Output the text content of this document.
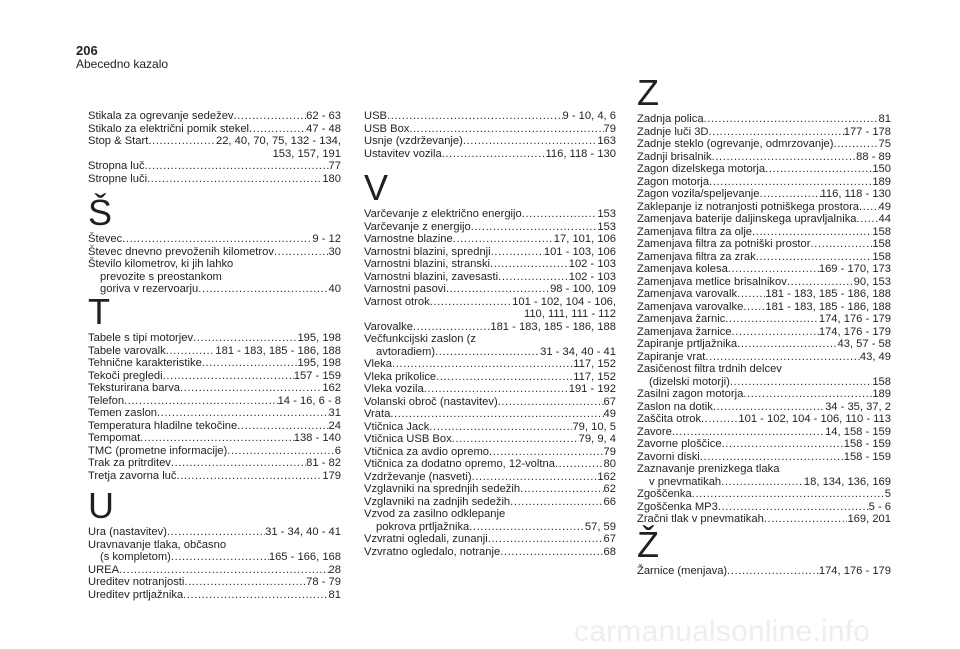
206
Abecedno kazalo
Stikala za ogrevanje sedežev .....	62 - 63
Stikalo za električni pomik stekel .....	47 - 48
Stop & Start .....	22, 40, 70, 75, 132 - 134,
153, 157, 191
Stropna luč .....	77
Stropne luči .....	180
Š
Števec .....	9 - 12
Števec dnevno prevoženih kilometrov .....	30
Število kilometrov, ki jih lahko
prevozite s preostankom
goriva v rezervoarju .....	40
T
Tabele s tipi motorjev .....	195, 198
Tabele varovalk .....	181 - 183, 185 - 186, 188
Tehnične karakteristike .....	195, 198
Tekoči pregledi .....	157 - 159
Teksturirana barva .....	162
Telefon .....	14 - 16, 6 - 8
Temen zaslon .....	31
Temperatura hladilne tekočine .....	24
Tempomat .....	138 - 140
TMC (prometne informacije) .....	6
Trak za pritrditev .....	81 - 82
Tretja zavorna luč .....	179
U
Ura (nastavitev) .....	31 - 34, 40 - 41
Uravnavanje tlaka, občasno
(s kompletom) .....	165 - 166, 168
UREA .....	28
Ureditev notranjosti .....	78 - 79
Ureditev prtljažnika .....	81
USB .....	9 - 10, 4, 6
USB Box .....	79
Usnje (vzdrževanje) .....	163
Ustavitev vozila .....	116, 118 - 130
V
Varčevanje z električno energijo .....	153
Varčevanje z energijo .....	153
Varnostne blazine .....	17, 101, 106
Varnostni blazini, sprednji .....	101 - 103, 106
Varnostni blazini, stranski .....	102 - 103
Varnostni blazini, zavesasti .....	102 - 103
Varnostni pasovi .....	98 - 100, 109
Varnost otrok .....	101 - 102, 104 - 106,
110, 111, 111 - 112
Varovalke .....	181 - 183, 185 - 186, 188
Večfunkcijski zaslon (z
avtoradiem) .....	31 - 34, 40 - 41
Vleka .....	117, 152
Vleka prikolice .....	117, 152
Vleka vozila .....	191 - 192
Volanski obroč (nastavitev) .....	67
Vrata .....	49
Vtičnica Jack .....	79, 10, 5
Vtičnica USB Box .....	79, 9, 4
Vtičnica za avdio opremo .....	79
Vtičnica za dodatno opremo, 12-voltna .....	80
Vzdrževanje (nasveti) .....	162
Vzglavniki na sprednjih sedežih .....	62
Vzglavniki na zadnjih sedežih .....	66
Vzvod za zasilno odklepanje
pokrova prtljažnika .....	57, 59
Vzvratni ogledali, zunanji .....	67
Vzvratno ogledalo, notranje .....	68
Z
Zadnja polica .....	81
Zadnje luči 3D .....	177 - 178
Zadnje steklo (ogrevanje, odmrzovanje) .....	75
Zadnji brisalnik .....	88 - 89
Zagon dizelskega motorja .....	150
Zagon motorja .....	189
Zagon vozila/speljevanje .....	116, 118 - 130
Zaklepanje iz notranjosti potniškega prostora ..... 49
Zamenjava baterije daljinskega upravljalnika ..... 44
Zamenjava filtra za olje .....	158
Zamenjava filtra za potniški prostor .....	158
Zamenjava filtra za zrak .....	158
Zamenjava kolesa .....	169 - 170, 173
Zamenjava metlice brisalnikov .....	90, 153
Zamenjava varovalk .....	181 - 183, 185 - 186, 188
Zamenjava varovalke ..... 181 - 183, 185 - 186, 188
Zamenjava žarnic .....	174, 176 - 179
Zamenjava žarnice .....	174, 176 - 179
Zapiranje prtljažnika .....	43, 57 - 58
Zapiranje vrat .....	43, 49
Zasičenost filtra trdnih delcev
(dizelski motorji) .....	158
Zasilni zagon motorja .....	189
Zaslon na dotik .....	34 - 35, 37, 2
Zaščita otrok .....	101 - 102, 104 - 106, 110 - 113
Zavore .....	14, 158 - 159
Zavorne ploščice .....	158 - 159
Zavorni diski .....	158 - 159
Zaznavanje prenizkega tlaka
v pnevmatikah .....	18, 134, 136, 169
Zgoščenka .....	5
Zgoščenka MP3 .....	5 - 6
Zračni tlak v pnevmatikah .....	169, 201
Ž
Žarnice (menjava) .....	174, 176 - 179
carmanualsonline.info
